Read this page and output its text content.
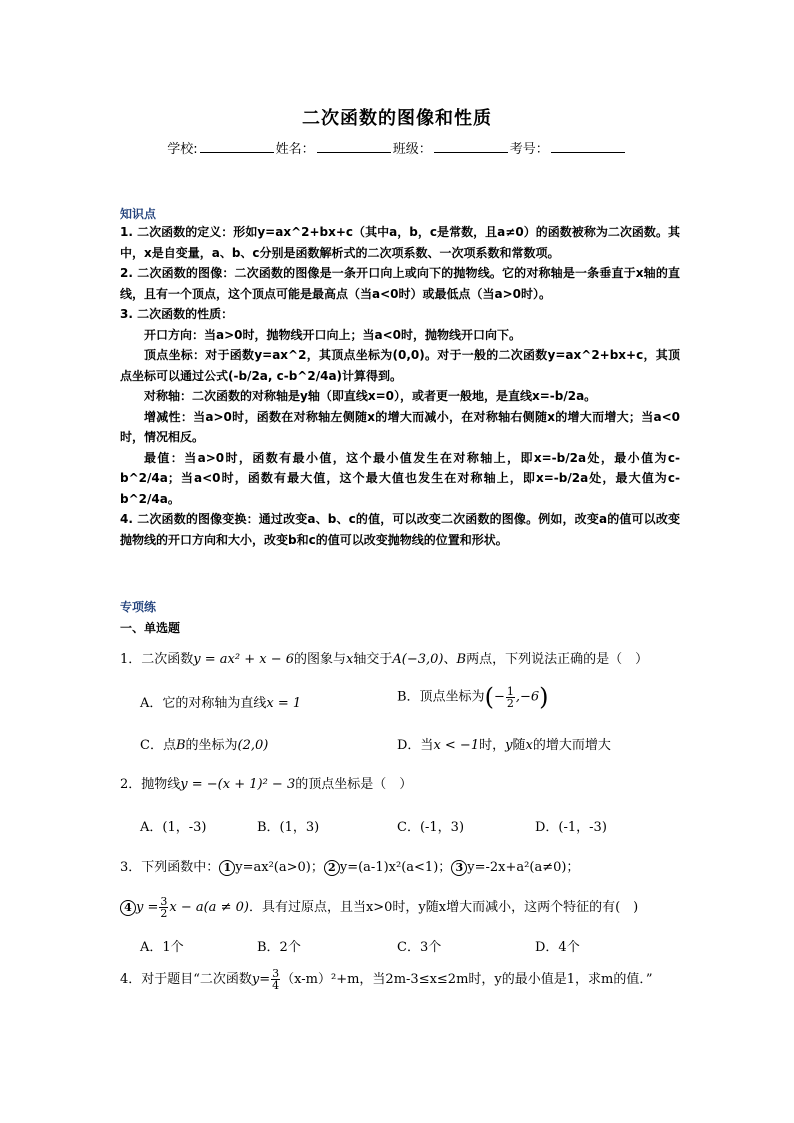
二次函数的图像和性质
学校:	姓名：	班级：	考号：
知识点

1. 二次函数的定义：形如y=ax^2+bx+c（其中a，b，c是常数，且a≠0）的函数被称为二次函数。其中，x是自变量，a、b、c分别是函数解析式的二次项系数、一次项系数和常数项。

2. 二次函数的图像：二次函数的图像是一条开口向上或向下的抛物线。它的对称轴是一条垂直于x轴的直线，且有一个顶点，这个顶点可能是最高点（当a<0时）或最低点（当a>0时）。

3. 二次函数的性质：

开口方向：当a>0时，抛物线开口向上；当a<0时，抛物线开口向下。

顶点坐标：对于函数y=ax^2，其顶点坐标为(0,0)。对于一般的二次函数y=ax^2+bx+c，其顶点坐标可以通过公式(-b/2a, c-b^2/4a)计算得到。

对称轴：二次函数的对称轴是y轴（即直线x=0），或者更一般地，是直线x=-b/2a。

增减性：当a>0时，函数在对称轴左侧随x的增大而减小，在对称轴右侧随x的增大而增大；当a<0时，情况相反。

最值：当a>0时，函数有最小值，这个最小值发生在对称轴上，即x=-b/2a处，最小值为c-b^2/4a；当a<0时，函数有最大值，这个最大值也发生在对称轴上，即x=-b/2a处，最大值为c-b^2/4a。

4. 二次函数的图像变换：通过改变a、b、c的值，可以改变二次函数的图像。例如，改变a的值可以改变抛物线的开口方向和大小，改变b和c的值可以改变抛物线的位置和形状。

专项练
一、单选题
1．二次函数y = ax² + x − 6的图象与x轴交于A(−3,0)、B两点，下列说法正确的是（　）
A．它的对称轴为直线x = 1	B．顶点坐标为(− $\frac{1}{2} ,-6$)
C．点B的坐标为(2,0)	D．当x < −1时，y随x的增大而增大
2．抛物线y = −(x + 1)² − 3的顶点坐标是（　）
A．(1，-3)	B．(1，3)	C．(-1，3)	D．(-1，-3)
3．下列函数中： 1 y=ax²(a>0)； 2 y=(a-1)x²(a<1)； 3 y=-2x+a²(a≠0)；
4 $y = \frac{3}{2}$ x − a(a ≠ 0)．具有过原点，且当x>0时，y随x增大而减小，这两个特征的有(　)
A．1个	B．2个	C．3个	D．4个
4．对于题目“二次函数$y= \frac{3}{4} (x-m)^2+m$，当2m-3≤x≤2m时，y的最小值是1，求m的值．”
